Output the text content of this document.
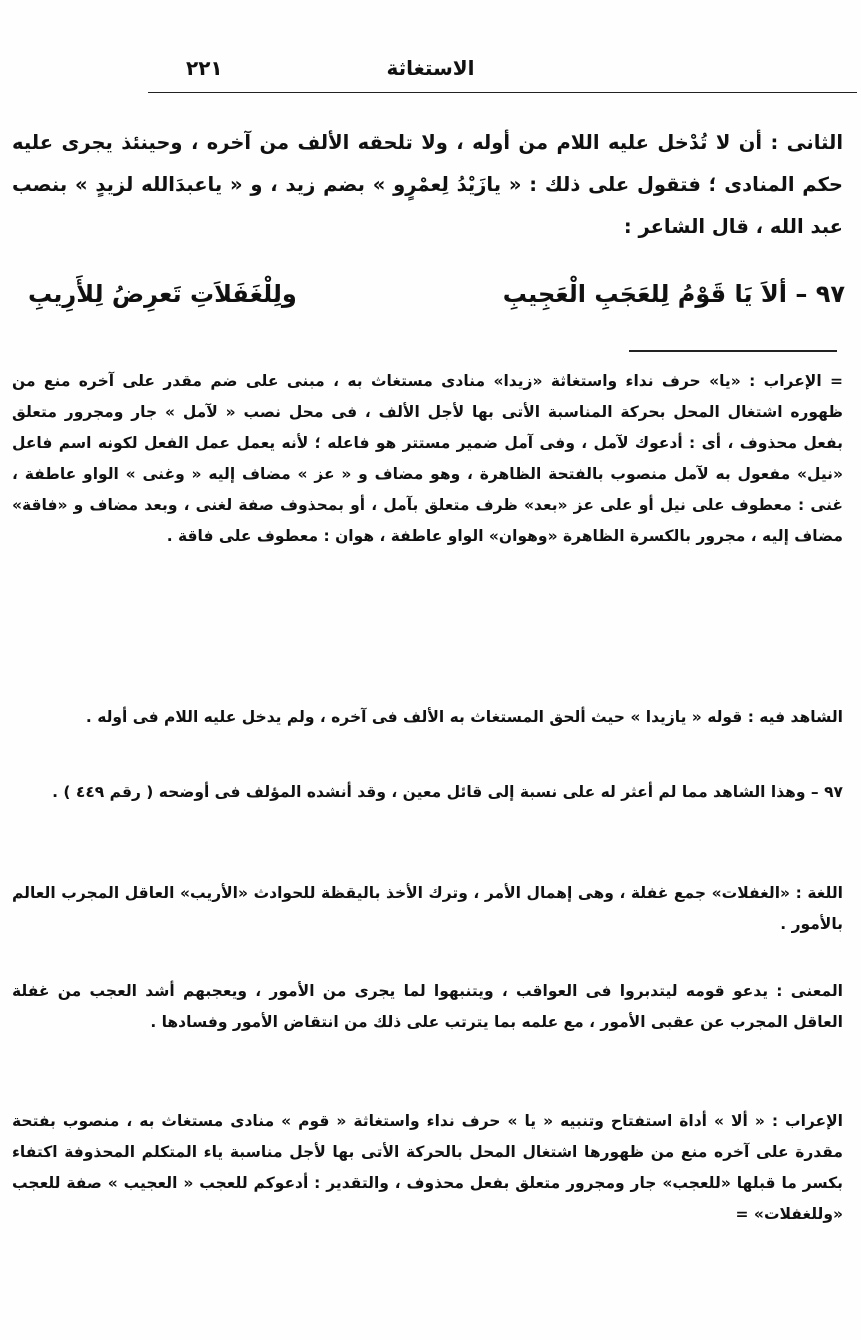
الاستغاثة
٢٢١

الثانى : أن لا تُدْخل عليه اللام من أوله ، ولا تلحقه الألف من آخره ، وحينئذ يجرى عليه حكم المنادى ؛ فتقول على ذلك : « يازَيْدُ لِعمْرٍو » بضم زيد ، و « ياعبدَالله لزيدٍ » بنصب عبد الله ، قال الشاعر :

٩٧ – ألاَ يَا قَوْمُ لِلعَجَبِ الْعَجِيبِ
ولِلْغَفَلاَتِ تَعرِضُ لِلأَرِيبِ

= الإعراب : «يا» حرف نداء واستغاثة «زيدا» منادى مستغاث به ، مبنى على ضم مقدر على آخره منع من ظهوره اشتغال المحل بحركة المناسبة الأتى بها لأجل الألف ، فى محل نصب « لآمل » جار ومجرور متعلق بفعل محذوف ، أى : أدعوك لآمل ، وفى آمل ضمير مستتر هو فاعله ؛ لأنه يعمل عمل الفعل لكونه اسم فاعل «نيل» مفعول به لآمل منصوب بالفتحة الظاهرة ، وهو مضاف و « عز » مضاف إليه « وغنى » الواو عاطفة ، غنى : معطوف على نيل أو على عز «بعد» ظرف متعلق بآمل ، أو بمحذوف صفة لغنى ، وبعد مضاف و «فاقة» مضاف إليه ، مجرور بالكسرة الظاهرة «وهوان» الواو عاطفة ، هوان : معطوف على فاقة .

الشاهد فيه : قوله « يازيدا » حيث ألحق المستغاث به الألف فى آخره ، ولم يدخل عليه اللام فى أوله .

٩٧ – وهذا الشاهد مما لم أعثر له على نسبة إلى قائل معين ، وقد أنشده المؤلف فى أوضحه ( رقم ٤٤٩ ) .

اللغة : «الغفلات» جمع غفلة ، وهى إهمال الأمر ، وترك الأخذ باليقظة للحوادث «الأريب» العاقل المجرب العالم بالأمور .

المعنى : يدعو قومه ليتدبروا فى العواقب ، ويتنبهوا لما يجرى من الأمور ، ويعجبهم أشد العجب من غفلة العاقل المجرب عن عقبى الأمور ، مع علمه بما يترتب على ذلك من انتقاض الأمور وفسادها .

الإعراب : « ألا » أداة استفتاح وتنبيه « يا » حرف نداء واستغاثة « قوم » منادى مستغاث به ، منصوب بفتحة مقدرة على آخره منع من ظهورها اشتغال المحل بالحركة الأتى بها لأجل مناسبة ياء المتكلم المحذوفة اكتفاء بكسر ما قبلها «للعجب» جار ومجرور متعلق بفعل محذوف ، والتقدير : أدعوكم للعجب « العجيب » صفة للعجب «وللغفلات» =
